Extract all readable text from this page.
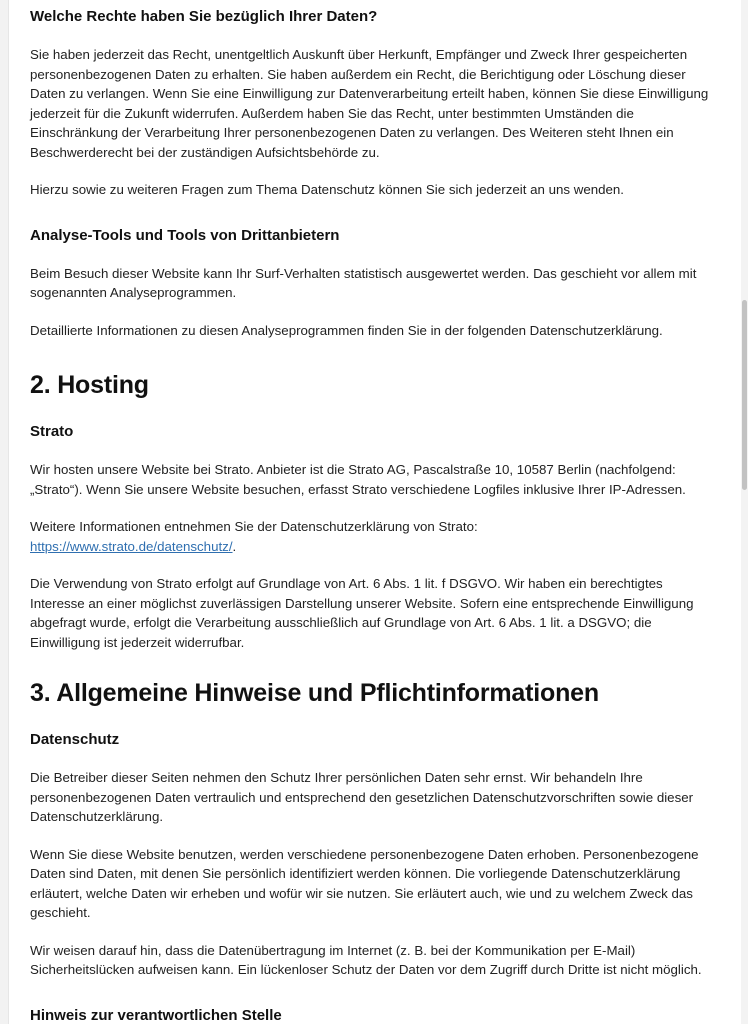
Welche Rechte haben Sie bezüglich Ihrer Daten?

Sie haben jederzeit das Recht, unentgeltlich Auskunft über Herkunft, Empfänger und Zweck Ihrer gespeicherten personenbezogenen Daten zu erhalten. Sie haben außerdem ein Recht, die Berichtigung oder Löschung dieser Daten zu verlangen. Wenn Sie eine Einwilligung zur Datenverarbeitung erteilt haben, können Sie diese Einwilligung jederzeit für die Zukunft widerrufen. Außerdem haben Sie das Recht, unter bestimmten Umständen die Einschränkung der Verarbeitung Ihrer personenbezogenen Daten zu verlangen. Des Weiteren steht Ihnen ein Beschwerderecht bei der zuständigen Aufsichtsbehörde zu.

Hierzu sowie zu weiteren Fragen zum Thema Datenschutz können Sie sich jederzeit an uns wenden.

Analyse-Tools und Tools von Drittanbietern

Beim Besuch dieser Website kann Ihr Surf-Verhalten statistisch ausgewertet werden. Das geschieht vor allem mit sogenannten Analyseprogrammen.

Detaillierte Informationen zu diesen Analyseprogrammen finden Sie in der folgenden Datenschutzerklärung.

2. Hosting
Strato

Wir hosten unsere Website bei Strato. Anbieter ist die Strato AG, Pascalstraße 10, 10587 Berlin (nachfolgend: „Strato“). Wenn Sie unsere Website besuchen, erfasst Strato verschiedene Logfiles inklusive Ihrer IP-Adressen.

Weitere Informationen entnehmen Sie der Datenschutzerklärung von Strato:
https://www.strato.de/datenschutz/.

Die Verwendung von Strato erfolgt auf Grundlage von Art. 6 Abs. 1 lit. f DSGVO. Wir haben ein berechtigtes Interesse an einer möglichst zuverlässigen Darstellung unserer Website. Sofern eine entsprechende Einwilligung abgefragt wurde, erfolgt die Verarbeitung ausschließlich auf Grundlage von Art. 6 Abs. 1 lit. a DSGVO; die Einwilligung ist jederzeit widerrufbar.

3. Allgemeine Hinweise und Pflichtinformationen
Datenschutz

Die Betreiber dieser Seiten nehmen den Schutz Ihrer persönlichen Daten sehr ernst. Wir behandeln Ihre personenbezogenen Daten vertraulich und entsprechend den gesetzlichen Datenschutzvorschriften sowie dieser Datenschutzerklärung.

Wenn Sie diese Website benutzen, werden verschiedene personenbezogene Daten erhoben. Personenbezogene Daten sind Daten, mit denen Sie persönlich identifiziert werden können. Die vorliegende Datenschutzerklärung erläutert, welche Daten wir erheben und wofür wir sie nutzen. Sie erläutert auch, wie und zu welchem Zweck das geschieht.

Wir weisen darauf hin, dass die Datenübertragung im Internet (z. B. bei der Kommunikation per E-Mail) Sicherheitslücken aufweisen kann. Ein lückenloser Schutz der Daten vor dem Zugriff durch Dritte ist nicht möglich.

Hinweis zur verantwortlichen Stelle
